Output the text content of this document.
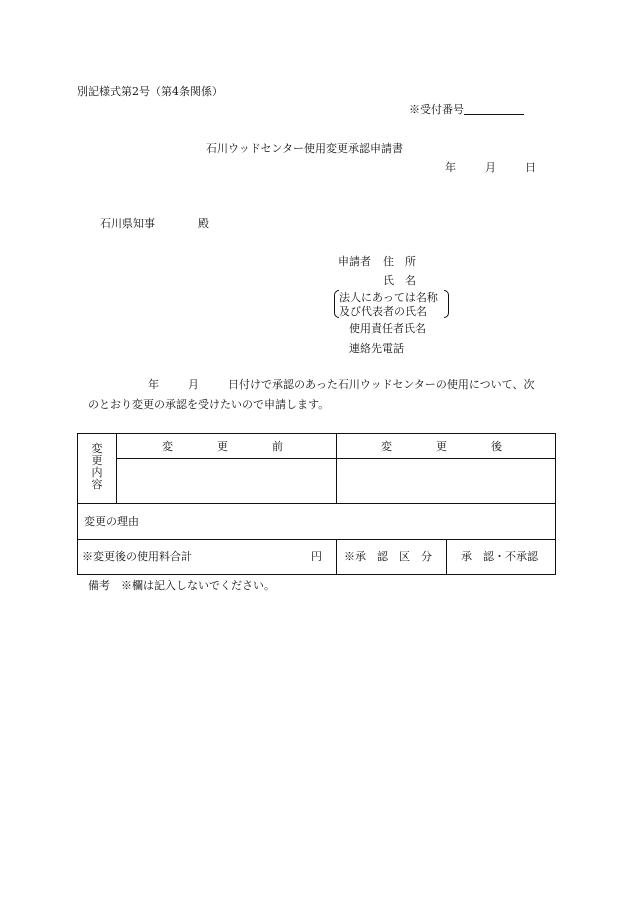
別記様式第2号（第4条関係）
※受付番号
石川ウッドセンター使用変更承認申請書
年	月	日
石川県知事	殿
申請者 住　所
氏　名
法人にあっては名称
及び代表者の氏名
使用責任者氏名
連絡先電話
年	月	日付けで承認のあった石川ウッドセンターの使用について、次
のとおり変更の承認を受けたいので申請します。
変
更
内
容
変　　　　更　　　　前	変　　　　更　　　　後
変更の理由
※変更後の使用料合計	円 ※承　認　区　分	承　認・不承認
備考　※欄は記入しないでください。
